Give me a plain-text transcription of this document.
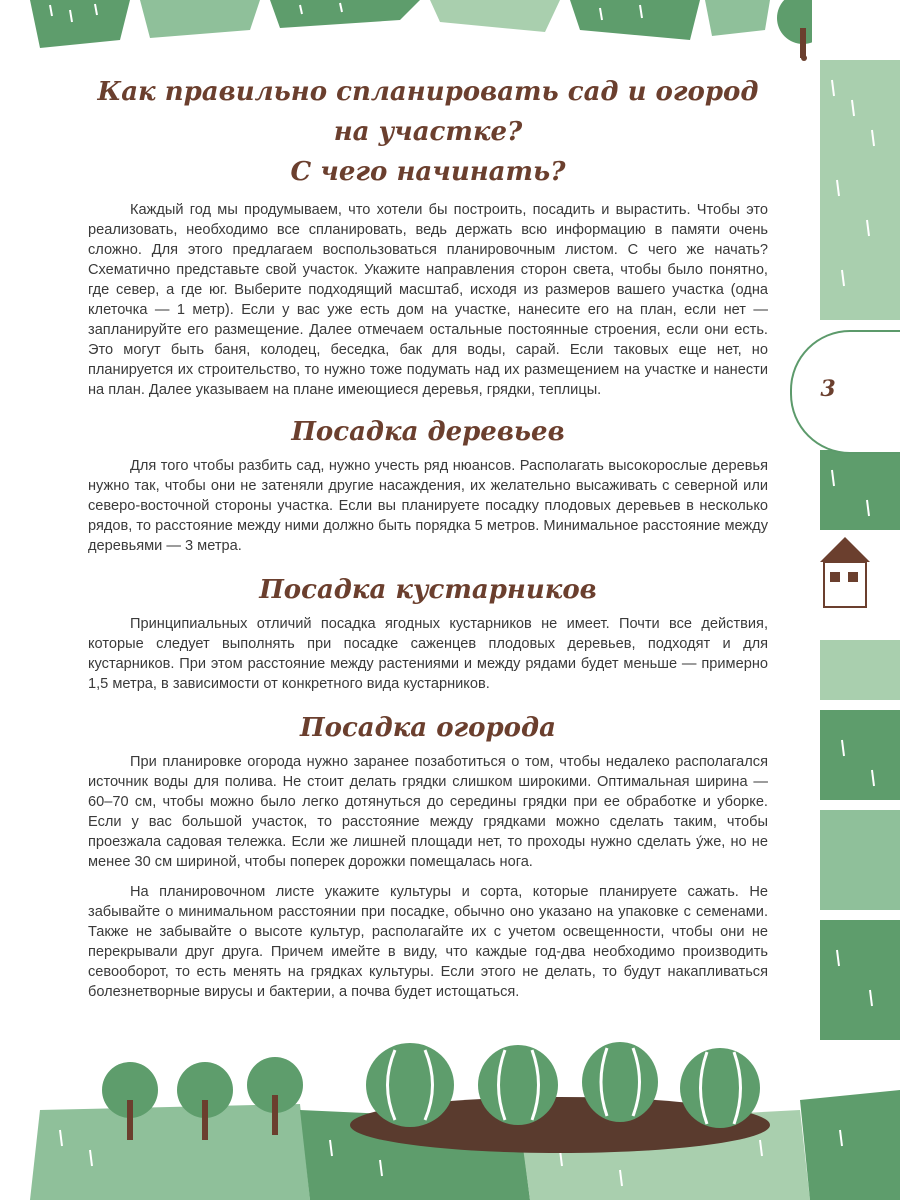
3
Как правильно спланировать сад и огород на участке?
С чего начинать?

Каждый год мы продумываем, что хотели бы построить, посадить и вырастить. Чтобы это реализовать, необходимо все спланировать, ведь держать всю информацию в памяти очень сложно. Для этого предлагаем воспользоваться планировочным листом. С чего же начать? Схематично представьте свой участок. Укажите направления сторон света, чтобы было понятно, где север, а где юг. Выберите подходящий масштаб, исходя из размеров вашего участка (одна клеточка — 1 метр). Если у вас уже есть дом на участке, нанесите его на план, если нет — запланируйте его размещение. Далее отмечаем остальные постоянные строения, если они есть. Это могут быть баня, колодец, беседка, бак для воды, сарай. Если таковых еще нет, но планируется их строительство, то нужно тоже подумать над их размещением на участке и нанести на план. Далее указываем на плане имеющиеся деревья, грядки, теплицы.

Посадка деревьев

Для того чтобы разбить сад, нужно учесть ряд нюансов. Располагать высокорослые деревья нужно так, чтобы они не затеняли другие насаждения, их желательно высаживать с северной или северо-восточной стороны участка. Если вы планируете посадку плодовых деревьев в несколько рядов, то расстояние между ними должно быть порядка 5 метров. Минимальное расстояние между деревьями — 3 метра.

Посадка кустарников

Принципиальных отличий посадка ягодных кустарников не имеет. Почти все действия, которые следует выполнять при посадке саженцев плодовых деревьев, подходят и для кустарников. При этом расстояние между растениями и между рядами будет меньше — примерно 1,5 метра, в зависимости от конкретного вида кустарников.

Посадка огорода

При планировке огорода нужно заранее позаботиться о том, чтобы недалеко располагался источник воды для полива. Не стоит делать грядки слишком широкими. Оптимальная ширина — 60–70 см, чтобы можно было легко дотянуться до середины грядки при ее обработке и уборке. Если у вас большой участок, то расстояние между грядками можно сделать таким, чтобы проезжала садовая тележка. Если же лишней площади нет, то проходы нужно сделать у́же, но не менее 30 см шириной, чтобы поперек дорожки помещалась нога.

На планировочном листе укажите культуры и сорта, которые планируете сажать. Не забывайте о минимальном расстоянии при посадке, обычно оно указано на упаковке с семенами. Также не забывайте о высоте культур, располагайте их с учетом освещенности, чтобы они не перекрывали друг друга. Причем имейте в виду, что каждые год-два необходимо производить севооборот, то есть менять на грядках культуры. Если этого не делать, то будут накапливаться болезнетворные вирусы и бактерии, а почва будет истощаться.
